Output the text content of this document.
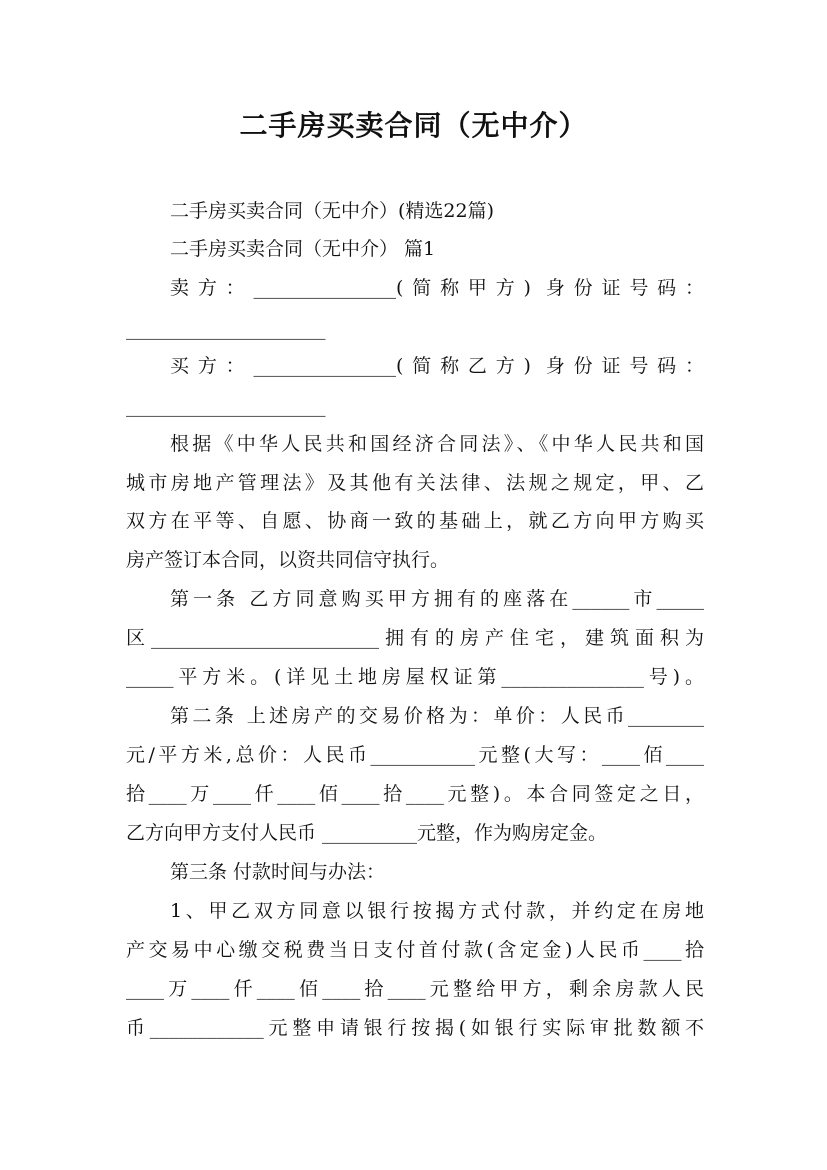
二手房买卖合同（无中介）
二手房买卖合同（无中介）(精选22篇)
二手房买卖合同（无中介） 篇1
卖方：_______________(简称甲方) 身份证号码：
_____________________
买方：_______________(简称乙方) 身份证号码：
_____________________
根据《中华人民共和国经济合同法》、《中华人民共和国
城市房地产管理法》及其他有关法律、法规之规定，甲、乙
双方在平等、自愿、协商一致的基础上，就乙方向甲方购买
房产签订本合同，以资共同信守执行。
第一条 乙方同意购买甲方拥有的座落在______市_____
区________________________拥有的房产住宅，建筑面积为
_____平方米。(详见土地房屋权证第_______________号)。
第二条 上述房产的交易价格为：单价：人民币________
元/平方米,总价：人民币___________元整(大写：____佰____
拾____万____仟____佰____拾____元整)。本合同签定之日，
乙方向甲方支付人民币 __________元整，作为购房定金。
第三条 付款时间与办法：
1、甲乙双方同意以银行按揭方式付款，并约定在房地
产交易中心缴交税费当日支付首付款(含定金)人民币____拾
____万____仟____佰____拾____元整给甲方，剩余房款人民
币____________元整申请银行按揭(如银行实际审批数额不
